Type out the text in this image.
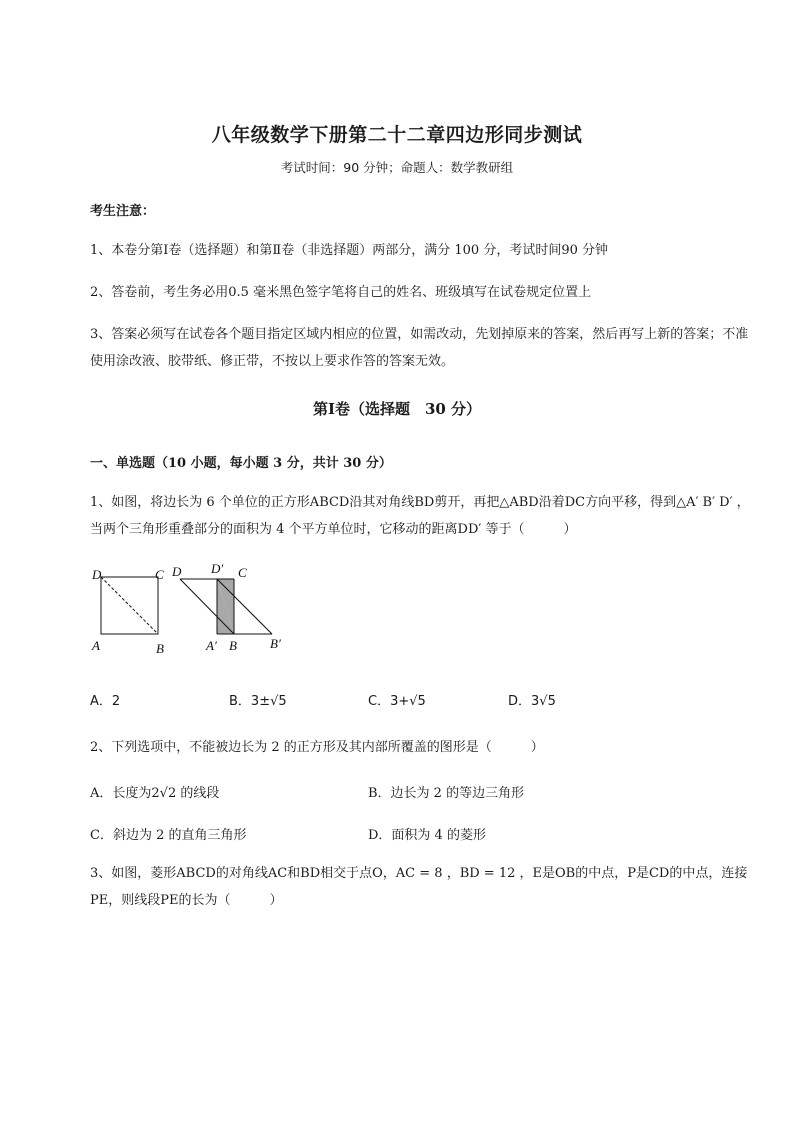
八年级数学下册第二十二章四边形同步测试
考试时间：90 分钟；命题人：数学教研组
考生注意：
1、本卷分第Ⅰ卷（选择题）和第Ⅱ卷（非选择题）两部分，满分 100 分，考试时间90 分钟
2、答卷前，考生务必用0.5 毫米黑色签字笔将自己的姓名、班级填写在试卷规定位置上
3、答案必须写在试卷各个题目指定区域内相应的位置，如需改动，先划掉原来的答案，然后再写上新的答案；不准使用涂改液、胶带纸、修正带，不按以上要求作答的答案无效。
第Ⅰ卷（选择题　30 分）
一、单选题（10 小题，每小题 3 分，共计 30 分）
1、如图，将边长为 6 个单位的正方形ABCD沿其对角线BD剪开，再把△ABD沿着DC方向平移，得到△A′ B′ D′ ，当两个三角形重叠部分的面积为 4 个平方单位时，它移动的距离DD′ 等于（　　　）
D	C
A	B
D D′ C
A′ B	B′
A．2	B．3±√5	C．3+√5	D．3√5
2、下列选项中，不能被边长为 2 的正方形及其内部所覆盖的图形是（　　　）
A．长度为2√2 的线段	B．边长为 2 的等边三角形
C．斜边为 2 的直角三角形	D．面积为 4 的菱形
3、如图，菱形ABCD的对角线AC和BD相交于点O，AC = 8 ，BD = 12 ，E是OB的中点，P是CD的中点，连接PE，则线段PE的长为（　　　）
